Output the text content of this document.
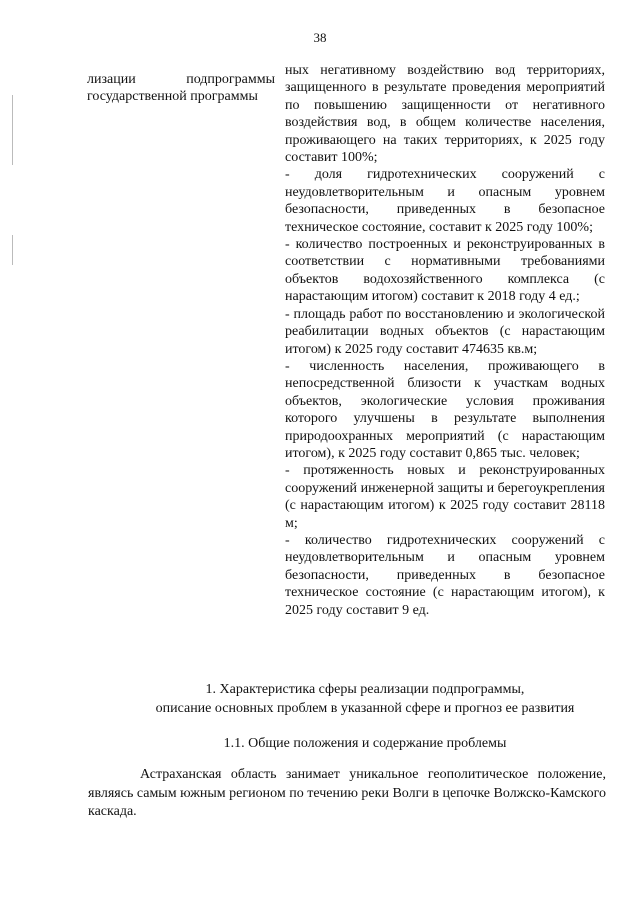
38

лизации подпрограммы государственной программы

ных негативному воздействию вод территориях, защищенного в результате проведения мероприятий по повышению защищенности от негативного воздействия вод, в общем количестве населения, проживающего на таких территориях, к 2025 году составит 100%;

- доля гидротехнических сооружений с неудовлетворительным и опасным уровнем безопасности, приведенных в безопасное техническое состояние, составит к 2025 году 100%;

- количество построенных и реконструированных в соответствии с нормативными требованиями объектов водохозяйственного комплекса (с нарастающим итогом) составит к 2018 году 4 ед.;

- площадь работ по восстановлению и экологической реабилитации водных объектов (с нарастающим итогом) к 2025 году составит 474635 кв.м;

- численность населения, проживающего в непосредственной близости к участкам водных объектов, экологические условия проживания которого улучшены в результате выполнения природоохранных мероприятий (с нарастающим итогом), к 2025 году составит 0,865 тыс. человек;

- протяженность новых и реконструированных сооружений инженерной защиты и берегоукрепления (с нарастающим итогом) к 2025 году составит 28118 м;

- количество гидротехнических сооружений с неудовлетворительным и опасным уровнем безопасности, приведенных в безопасное техническое состояние (с нарастающим итогом), к 2025 году составит 9 ед.

1. Характеристика сферы реализации подпрограммы,
описание основных проблем в указанной сфере и прогноз ее развития
1.1. Общие положения и содержание проблемы

Астраханская область занимает уникальное геополитическое положение, являясь самым южным регионом по течению реки Волги в цепочке Волжско-Камского каскада.
